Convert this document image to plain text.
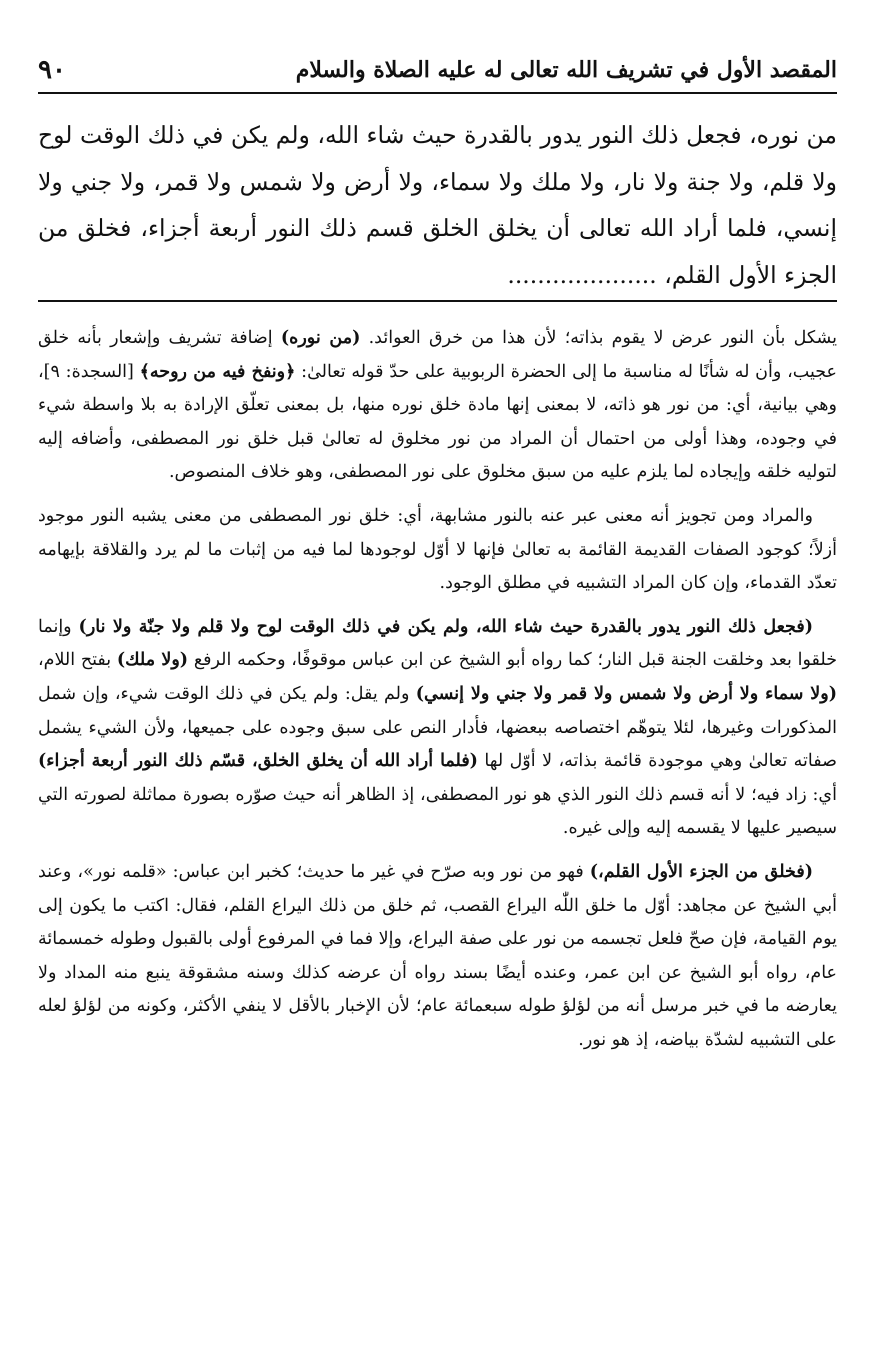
المقصد الأول في تشريف الله تعالى له عليه الصلاة والسلام
٩٠

من نوره، فجعل ذلك النور يدور بالقدرة حيث شاء الله، ولم يكن في ذلك الوقت لوح ولا قلم، ولا جنة ولا نار، ولا ملك ولا سماء، ولا أرض ولا شمس ولا قمر، ولا جني ولا إنسي، فلما أراد الله تعالى أن يخلق الخلق قسم ذلك النور أربعة أجزاء، فخلق من الجزء الأول القلم، ....................

يشكل بأن النور عرض لا يقوم بذاته؛ لأن هذا من خرق العوائد. (من نوره) إضافة تشريف وإشعار بأنه خلق عجيب، وأن له شأنًا له مناسبة ما إلى الحضرة الربوبية على حدّ قوله تعالىٰ: ﴿ونفخ فيه من روحه﴾ [السجدة: ٩]، وهي بيانية، أي: من نور هو ذاته، لا بمعنى إنها مادة خلق نوره منها، بل بمعنى تعلّق الإرادة به بلا واسطة شيء في وجوده، وهذا أولى من احتمال أن المراد من نور مخلوق له تعالىٰ قبل خلق نور المصطفى، وأضافه إليه لتوليه خلقه وإيجاده لما يلزم عليه من سبق مخلوق على نور المصطفى، وهو خلاف المنصوص.

والمراد ومن تجويز أنه معنى عبر عنه بالنور مشابهة، أي: خلق نور المصطفى من معنى يشبه النور موجود أزلاً؛ كوجود الصفات القديمة القائمة به تعالىٰ فإنها لا أوّل لوجودها لما فيه من إثبات ما لم يرد والقلاقة بإيهامه تعدّد القدماء، وإن كان المراد التشبيه في مطلق الوجود.

(فجعل ذلك النور يدور بالقدرة حيث شاء الله، ولم يكن في ذلك الوقت لوح ولا قلم ولا جنّة ولا نار) وإنما خلقوا بعد وخلقت الجنة قبل النار؛ كما رواه أبو الشيخ عن ابن عباس موقوفًا، وحكمه الرفع (ولا ملك) بفتح اللام، (ولا سماء ولا أرض ولا شمس ولا قمر ولا جني ولا إنسي) ولم يقل: ولم يكن في ذلك الوقت شيء، وإن شمل المذكورات وغيرها، لئلا يتوهّم اختصاصه ببعضها، فأدار النص على سبق وجوده على جميعها، ولأن الشيء يشمل صفاته تعالىٰ وهي موجودة قائمة بذاته، لا أوّل لها (فلما أراد الله أن يخلق الخلق، قسّم ذلك النور أربعة أجزاء) أي: زاد فيه؛ لا أنه قسم ذلك النور الذي هو نور المصطفى، إذ الظاهر أنه حيث صوّره بصورة مماثلة لصورته التي سيصير عليها لا يقسمه إليه وإلى غيره.

(فخلق من الجزء الأول القلم،) فهو من نور وبه صرّح في غير ما حديث؛ كخبر ابن عباس: «قلمه نور»، وعند أبي الشيخ عن مجاهد: أوّل ما خلق اللّٰه اليراع القصب، ثم خلق من ذلك اليراع القلم، فقال: اكتب ما يكون إلى يوم القيامة، فإن صحّ فلعل تجسمه من نور على صفة اليراع، وإلا فما في المرفوع أولى بالقبول وطوله خمسمائة عام، رواه أبو الشيخ عن ابن عمر، وعنده أيضًا بسند رواه أن عرضه كذلك وسنه مشقوقة ينبع منه المداد ولا يعارضه ما في خبر مرسل أنه من لؤلؤ طوله سبعمائة عام؛ لأن الإخبار بالأقل لا ينفي الأكثر، وكونه من لؤلؤ لعله على التشبيه لشدّة بياضه، إذ هو نور.
